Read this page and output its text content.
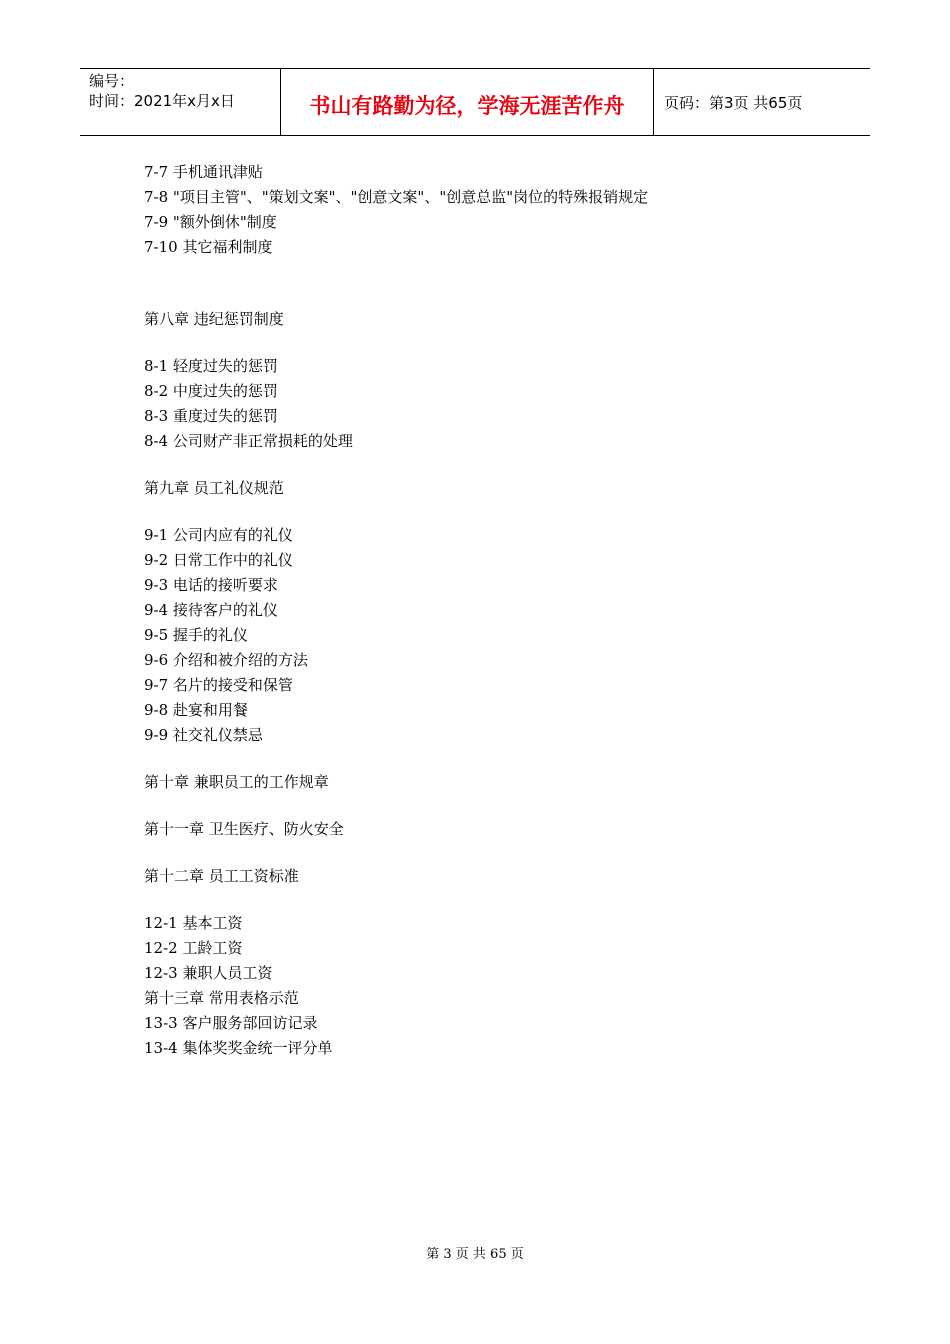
编号：
时间：2021年x月x日	书山有路勤为径，学海无涯苦作舟	页码：第3页 共65页
7-7 手机通讯津贴
7-8 "项目主管"、"策划文案"、"创意文案"、"创意总监"岗位的特殊报销规定
7-9 "额外倒休"制度
7-10 其它福利制度
第八章 违纪惩罚制度
8-1 轻度过失的惩罚
8-2 中度过失的惩罚
8-3 重度过失的惩罚
8-4 公司财产非正常损耗的处理
第九章 员工礼仪规范
9-1 公司内应有的礼仪
9-2 日常工作中的礼仪
9-3 电话的接听要求
9-4 接待客户的礼仪
9-5 握手的礼仪
9-6 介绍和被介绍的方法
9-7 名片的接受和保管
9-8 赴宴和用餐
9-9 社交礼仪禁忌
第十章 兼职员工的工作规章
第十一章 卫生医疗、防火安全
第十二章 员工工资标准
12-1 基本工资
12-2 工龄工资
12-3 兼职人员工资
第十三章 常用表格示范
13-3 客户服务部回访记录
13-4 集体奖奖金统一评分单
第 3 页 共 65 页
